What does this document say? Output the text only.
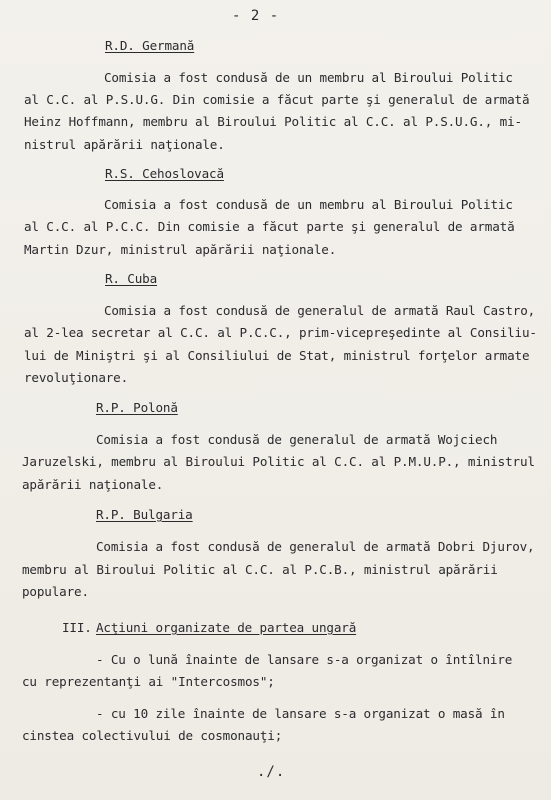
- 2 -
R.D. Germană
Comisia a fost condusă de un membru al Biroului Politic
al C.C. al P.S.U.G. Din comisie a făcut parte şi generalul de armată
Heinz Hoffmann, membru al Biroului Politic al C.C. al P.S.U.G., mi-
nistrul apărării naţionale.
R.S. Cehoslovacă
Comisia a fost condusă de un membru al Biroului Politic
al C.C. al P.C.C. Din comisie a făcut parte şi generalul de armată
Martin Dzur, ministrul apărării naţionale.
R. Cuba
Comisia a fost condusă de generalul de armată Raul Castro,
al 2-lea secretar al C.C. al P.C.C., prim-vicepreşedinte al Consiliu-
lui de Miniştri şi al Consiliului de Stat, ministrul forţelor armate
revoluţionare.
R.P. Polonă
Comisia a fost condusă de generalul de armată Wojciech
Jaruzelski, membru al Biroului Politic al C.C. al P.M.U.P., ministrul
apărării naţionale.
R.P. Bulgaria
Comisia a fost condusă de generalul de armată Dobri Djurov,
membru al Biroului Politic al C.C. al P.C.B., ministrul apărării
populare.
III. Acţiuni organizate de partea ungară
- Cu o lună înainte de lansare s-a organizat o întîlnire
cu reprezentanţi ai "Intercosmos";
- cu 10 zile înainte de lansare s-a organizat o masă în
cinstea colectivului de cosmonauţi;
./.
